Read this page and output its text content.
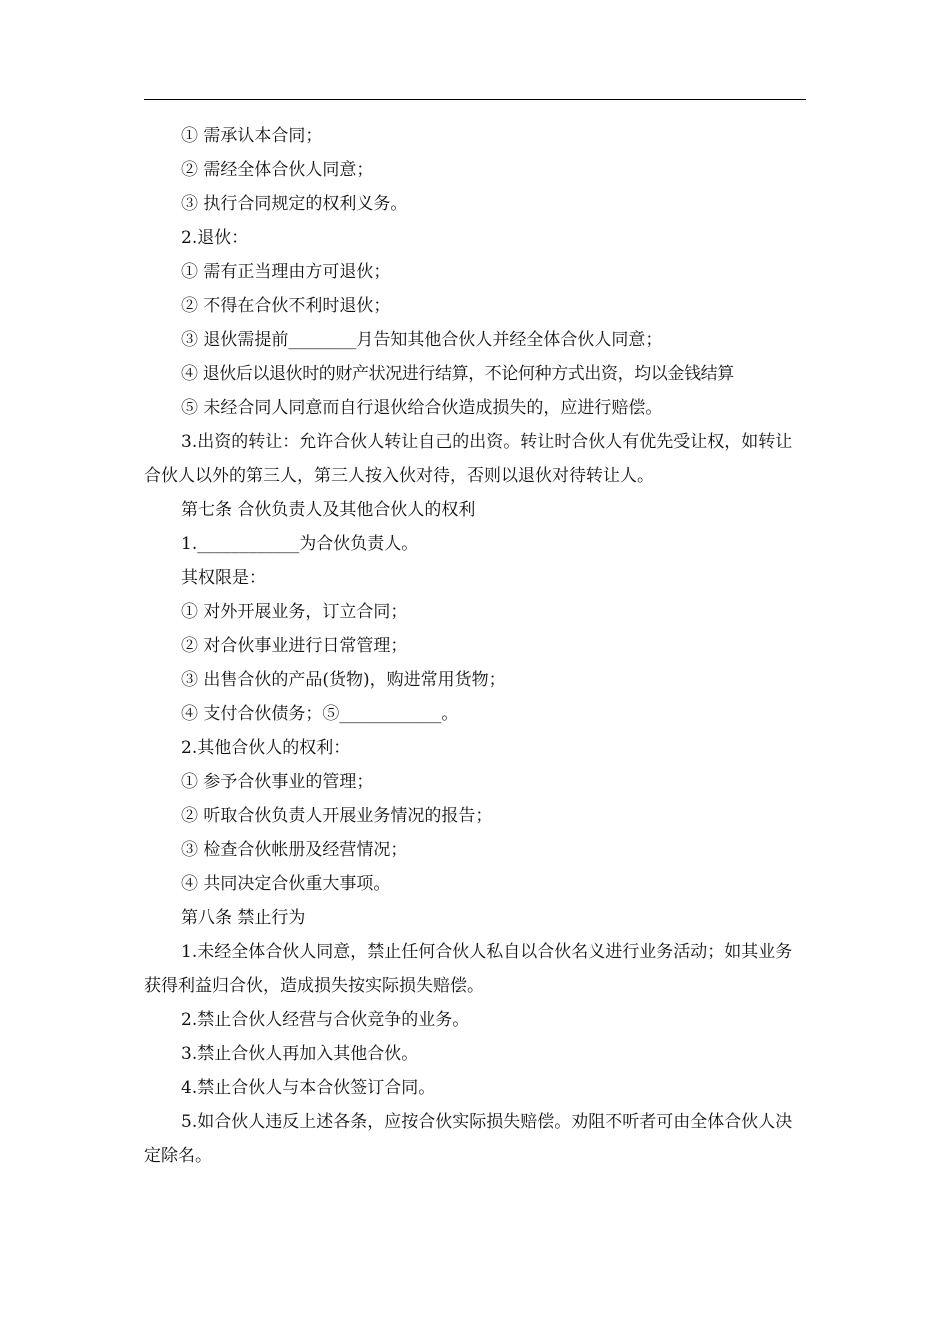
① 需承认本合同；

② 需经全体合伙人同意；

③ 执行合同规定的权利义务。

2.退伙：

① 需有正当理由方可退伙；

② 不得在合伙不利时退伙；

③ 退伙需提前________月告知其他合伙人并经全体合伙人同意；

④ 退伙后以退伙时的财产状况进行结算，不论何种方式出资，均以金钱结算

⑤ 未经合同人同意而自行退伙给合伙造成损失的，应进行赔偿。

3.出资的转让：允许合伙人转让自己的出资。转让时合伙人有优先受让权，如转让合伙人以外的第三人，第三人按入伙对待，否则以退伙对待转让人。

第七条 合伙负责人及其他合伙人的权利

1.____________为合伙负责人。

其权限是：

① 对外开展业务，订立合同；

② 对合伙事业进行日常管理；

③ 出售合伙的产品(货物)，购进常用货物；

④ 支付合伙债务；⑤____________。

2.其他合伙人的权利：

① 参予合伙事业的管理；

② 听取合伙负责人开展业务情况的报告；

③ 检查合伙帐册及经营情况；

④ 共同决定合伙重大事项。

第八条 禁止行为

1.未经全体合伙人同意，禁止任何合伙人私自以合伙名义进行业务活动；如其业务获得利益归合伙，造成损失按实际损失赔偿。

2.禁止合伙人经营与合伙竞争的业务。

3.禁止合伙人再加入其他合伙。

4.禁止合伙人与本合伙签订合同。

5.如合伙人违反上述各条，应按合伙实际损失赔偿。劝阻不听者可由全体合伙人决定除名。
